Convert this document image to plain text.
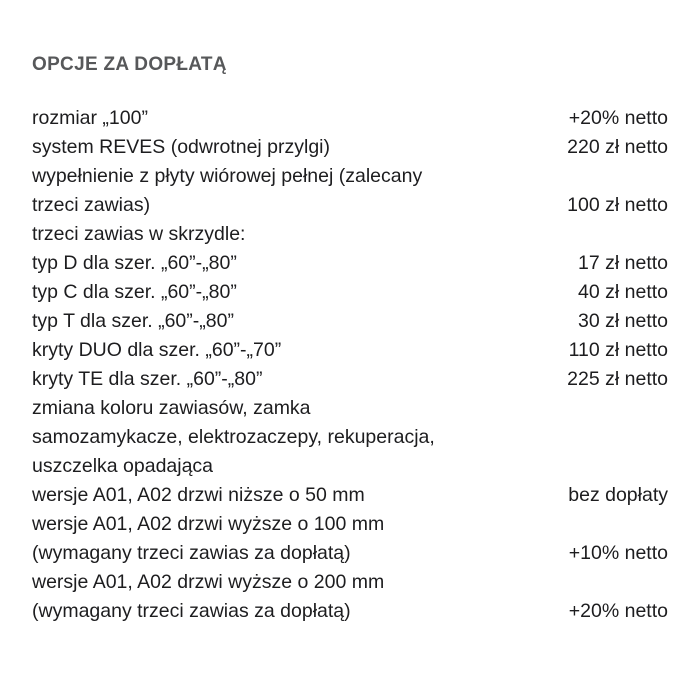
OPCJE ZA DOPŁATĄ
rozmiar „100”	+20% netto
system REVES (odwrotnej przylgi)	220 zł netto
wypełnienie z płyty wiórowej pełnej (zalecany
trzeci zawias)	100 zł netto
trzeci zawias w skrzydle:
typ D dla szer. „60”-„80”	17 zł netto
typ C dla szer. „60”-„80”	40 zł netto
typ T dla szer. „60”-„80”	30 zł netto
kryty DUO dla szer. „60”-„70”	110 zł netto
kryty TE dla szer. „60”-„80”	225 zł netto
zmiana koloru zawiasów, zamka
samozamykacze, elektrozaczepy, rekuperacja,
uszczelka opadająca
wersje A01, A02 drzwi niższe o 50 mm	bez dopłaty
wersje A01, A02 drzwi wyższe o 100 mm
(wymagany trzeci zawias za dopłatą)	+10% netto
wersje A01, A02 drzwi wyższe o 200 mm
(wymagany trzeci zawias za dopłatą)	+20% netto
